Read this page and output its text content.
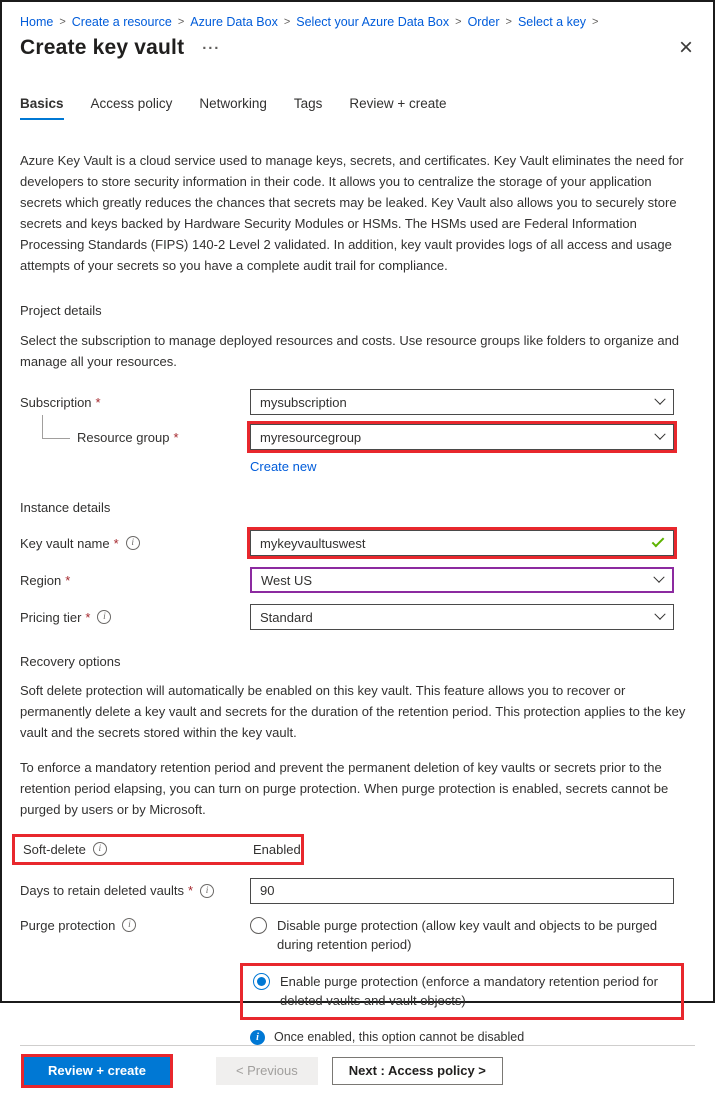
Home > Create a resource > Azure Data Box > Select your Azure Data Box > Order > Select a key >
Create key vault
···
×
Basics Access policy Networking Tags Review + create

Azure Key Vault is a cloud service used to manage keys, secrets, and certificates. Key Vault eliminates the need for developers to store security information in their code. It allows you to centralize the storage of your application secrets which greatly reduces the chances that secrets may be leaked. Key Vault also allows you to securely store secrets and keys backed by Hardware Security Modules or HSMs. The HSMs used are Federal Information Processing Standards (FIPS) 140-2 Level 2 validated. In addition, key vault provides logs of all access and usage attempts of your secrets so you have a complete audit trail for compliance.

Project details

Select the subscription to manage deployed resources and costs. Use resource groups like folders to organize and manage all your resources.

Subscription *	mysubscription
Resource group *	myresourcegroup
Create new
Instance details
Key vault name * i	mykeyvaultuswest
Region *	West US
Pricing tier * i	Standard
Recovery options

Soft delete protection will automatically be enabled on this key vault. This feature allows you to recover or permanently delete a key vault and secrets for the duration of the retention period. This protection applies to the key vault and the secrets stored within the key vault.

To enforce a mandatory retention period and prevent the permanent deletion of key vaults or secrets prior to the retention period elapsing, you can turn on purge protection. When purge protection is enabled, secrets cannot be purged by users or by Microsoft.

Soft-delete i	Enabled
Days to retain deleted vaults * i	90
Purge protection i	Disable purge protection (allow key vault and objects to be purged during retention period)
Enable purge protection (enforce a mandatory retention period for deleted vaults and vault objects)
i
Once enabled, this option cannot be disabled
Review + create	< Previous	Next : Access policy >
